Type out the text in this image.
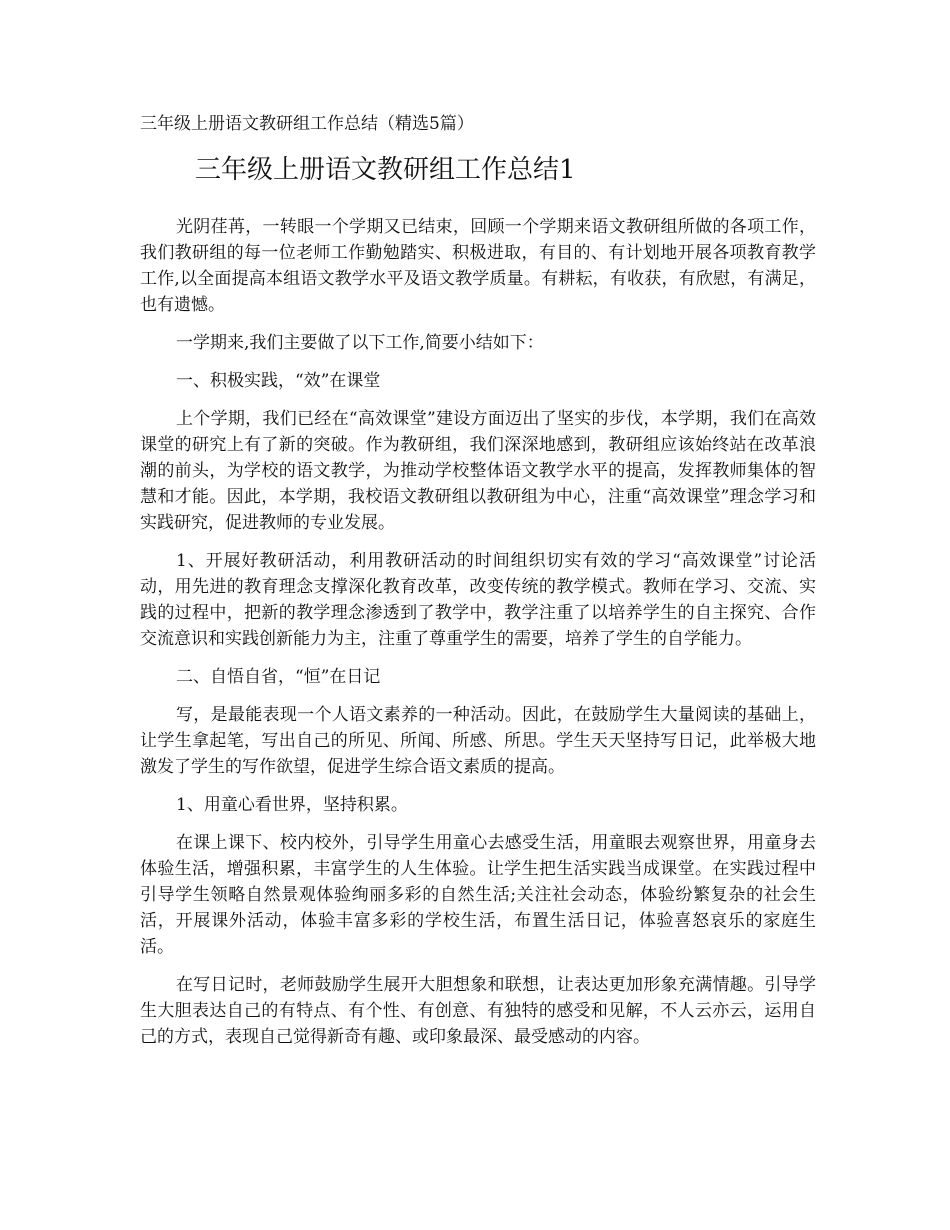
三年级上册语文教研组工作总结（精选5篇）
三年级上册语文教研组工作总结1

光阴荏苒，一转眼一个学期又已结束，回顾一个学期来语文教研组所做的各项工作，我们教研组的每一位老师工作勤勉踏实、积极进取，有目的、有计划地开展各项教育教学工作,以全面提高本组语文教学水平及语文教学质量。有耕耘，有收获，有欣慰，有满足，也有遗憾。

一学期来,我们主要做了以下工作,简要小结如下：

一、积极实践，“效”在课堂

上个学期，我们已经在“高效课堂”建设方面迈出了坚实的步伐，本学期，我们在高效课堂的研究上有了新的突破。作为教研组，我们深深地感到，教研组应该始终站在改革浪潮的前头，为学校的语文教学，为推动学校整体语文教学水平的提高，发挥教师集体的智慧和才能。因此，本学期，我校语文教研组以教研组为中心，注重“高效课堂”理念学习和实践研究，促进教师的专业发展。

1、开展好教研活动，利用教研活动的时间组织切实有效的学习“高效课堂”讨论活动，用先进的教育理念支撑深化教育改革，改变传统的教学模式。教师在学习、交流、实践的过程中，把新的教学理念渗透到了教学中，教学注重了以培养学生的自主探究、合作交流意识和实践创新能力为主，注重了尊重学生的需要，培养了学生的自学能力。

二、自悟自省，“恒”在日记

写，是最能表现一个人语文素养的一种活动。因此，在鼓励学生大量阅读的基础上，让学生拿起笔，写出自己的所见、所闻、所感、所思。学生天天坚持写日记，此举极大地激发了学生的写作欲望，促进学生综合语文素质的提高。

1、用童心看世界，坚持积累。

在课上课下、校内校外，引导学生用童心去感受生活，用童眼去观察世界，用童身去体验生活，增强积累，丰富学生的人生体验。让学生把生活实践当成课堂。在实践过程中引导学生领略自然景观体验绚丽多彩的自然生活;关注社会动态，体验纷繁复杂的社会生活，开展课外活动，体验丰富多彩的学校生活，布置生活日记，体验喜怒哀乐的家庭生活。

在写日记时，老师鼓励学生展开大胆想象和联想，让表达更加形象充满情趣。引导学生大胆表达自己的有特点、有个性、有创意、有独特的感受和见解，不人云亦云，运用自己的方式，表现自己觉得新奇有趣、或印象最深、最受感动的内容。
